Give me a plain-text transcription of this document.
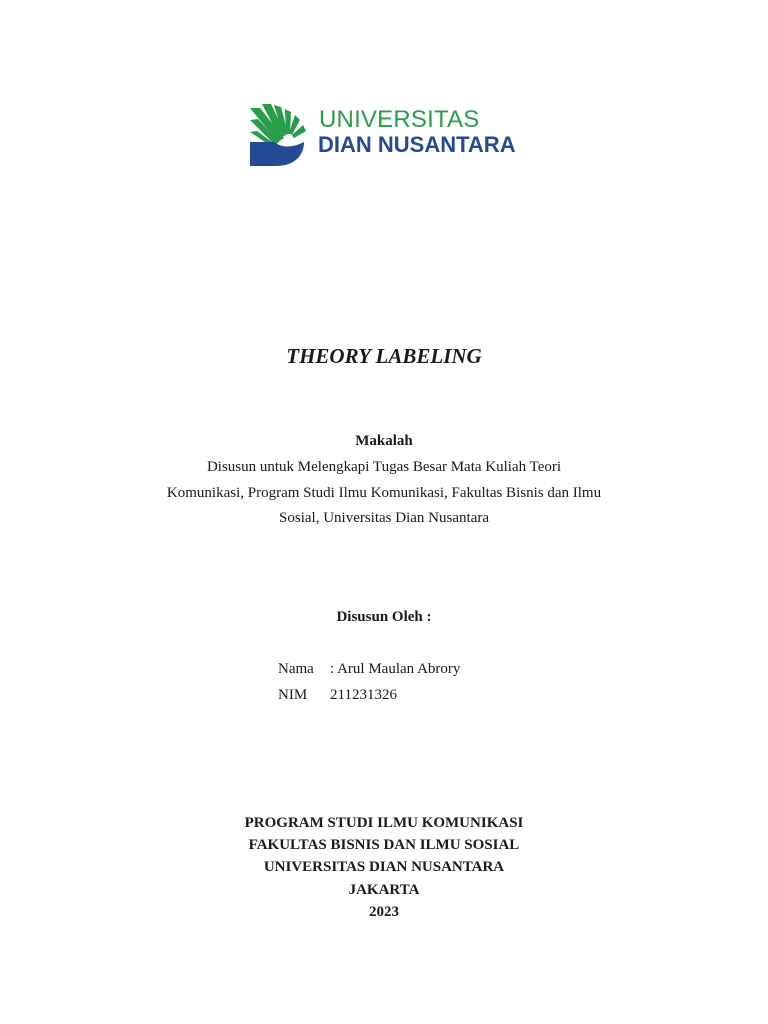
UNIVERSITAS
DIAN NUSANTARA
THEORY LABELING
Makalah
Disusun untuk Melengkapi Tugas Besar Mata Kuliah Teori
Komunikasi, Program Studi Ilmu Komunikasi, Fakultas Bisnis dan Ilmu
Sosial, Universitas Dian Nusantara
Disusun Oleh :
Nama : Arul Maulan Abrory
NIM 211231326
PROGRAM STUDI ILMU KOMUNIKASI
FAKULTAS BISNIS DAN ILMU SOSIAL
UNIVERSITAS DIAN NUSANTARA
JAKARTA
2023
